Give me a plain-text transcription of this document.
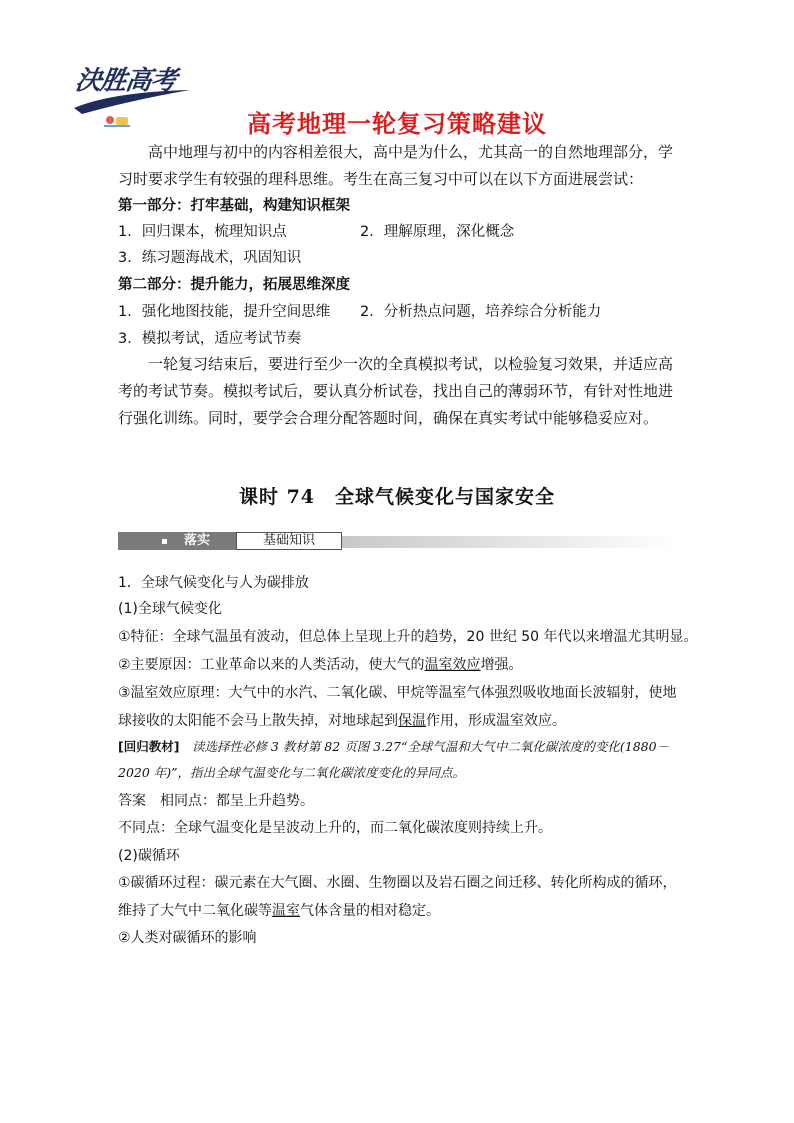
決胜高考
高考地理一轮复习策略建议
高中地理与初中的内容相差很大，高中是为什么，尤其高一的自然地理部分，学习时要求学生有较强的理科思维。考生在高三复习中可以在以下方面进展尝试：
第一部分：打牢基础，构建知识框架
1．回归课本，梳理知识点	2．理解原理，深化概念
3．练习题海战术，巩固知识
第二部分：提升能力，拓展思维深度
1．强化地图技能，提升空间思维 2．分析热点问题，培养综合分析能力
3．模拟考试，适应考试节奏
一轮复习结束后，要进行至少一次的全真模拟考试，以检验复习效果，并适应高考的考试节奏。模拟考试后，要认真分析试卷，找出自己的薄弱环节，有针对性地进行强化训练。同时，要学会合理分配答题时间，确保在真实考试中能够稳妥应对。
课时 74　全球气候变化与国家安全
落实	基础知识
1．全球气候变化与人为碳排放
(1)全球气候变化
①特征：全球气温虽有波动，但总体上呈现上升的趋势，20 世纪 50 年代以来增温尤其明显。
②主要原因：工业革命以来的人类活动，使大气的温室效应增强。
③温室效应原理：大气中的水汽、二氧化碳、甲烷等温室气体强烈吸收地面长波辐射，使地
球接收的太阳能不会马上散失掉，对地球起到保温作用，形成温室效应。
[回归教材]　读选择性必修 3 教材第 82 页图 3.27“全球气温和大气中二氧化碳浓度的变化(1880－2020 年)”，指出全球气温变化与二氧化碳浓度变化的异同点。
答案　相同点：都呈上升趋势。
不同点：全球气温变化是呈波动上升的，而二氧化碳浓度则持续上升。
(2)碳循环
①碳循环过程：碳元素在大气圈、水圈、生物圈以及岩石圈之间迁移、转化所构成的循环，
维持了大气中二氧化碳等温室气体含量的相对稳定。
②人类对碳循环的影响
